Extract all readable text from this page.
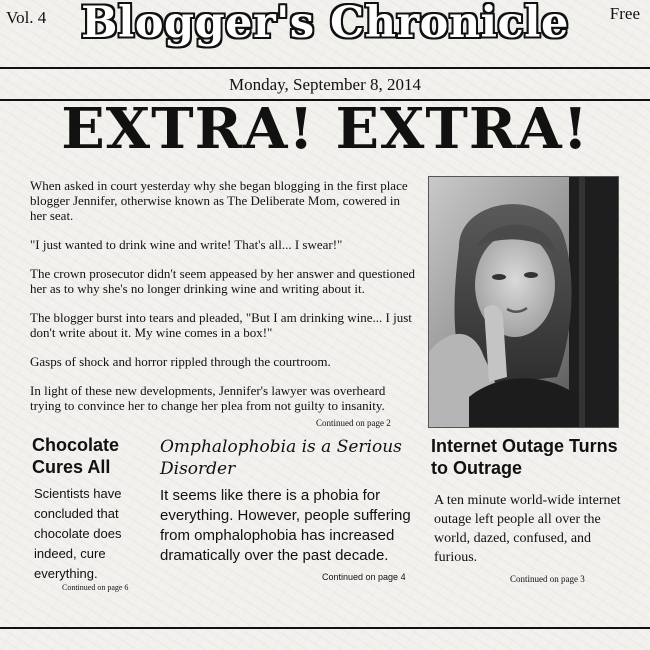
Vol. 4 Blogger's Chronicle	Free
Monday, September 8, 2014
EXTRA! EXTRA!

When asked in court yesterday why she began blogging in the first place blogger Jennifer, otherwise known as The Deliberate Mom, cowered in her seat.

"I just wanted to drink wine and write! That's all... I swear!"

The crown prosecutor didn't seem appeased by her answer and questioned her as to why she's no longer drinking wine and writing about it.

The blogger burst into tears and pleaded, "But I am drinking wine... I just don't write about it. My wine comes in a box!"

Gasps of shock and horror rippled through the courtroom.

In light of these new developments, Jennifer's lawyer was overheard trying to convince her to change her plea from not guilty to insanity.

Continued on page 2
Chocolate Cures All
Scientists have concluded that chocolate does indeed, cure everything.
Continued on page 6
Omphalophobia is a Serious Disorder
It seems like there is a phobia for everything. However, people suffering from omphalophobia has increased dramatically over the past decade.
Continued on page 4
Internet Outage Turns to Outrage
A ten minute world-wide internet outage left people all over the world, dazed, confused, and furious.
Continued on page 3
